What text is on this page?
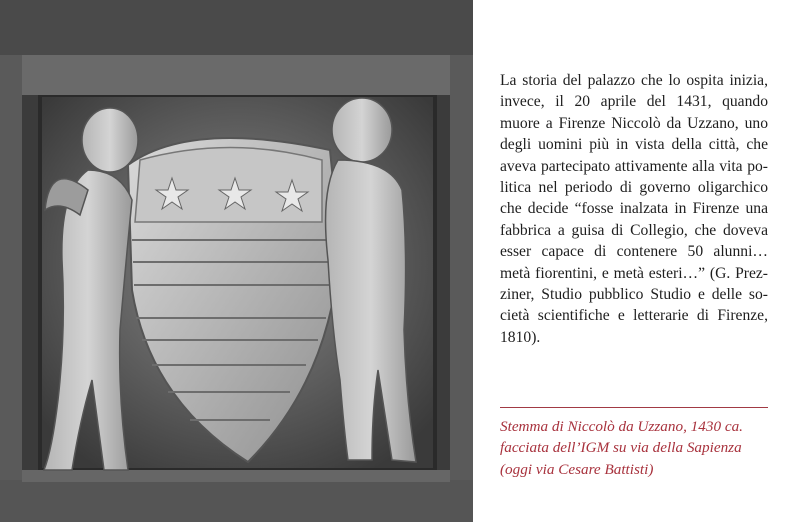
La storia del palazzo che lo ospita inizia, invece, il 20 aprile del 1431, quando muore a Firenze Niccolò da Uzzano, uno degli uomini più in vista della città, che aveva partecipato attivamente alla vita politica nel periodo di governo oligarchico che decide “fosse inalzata in Firenze una fabbrica a guisa di Collegio, che doveva esser capace di contenere 50 alunni… metà fiorentini, e metà esteri…” (G. Prezziner, Studio pubblico Studio e delle società scientifiche e letterarie di Firenze, 1810).

Stemma di Niccolò da Uzzano, 1430 ca.
facciata dell’IGM su via della Sapienza
(oggi via Cesare Battisti)
